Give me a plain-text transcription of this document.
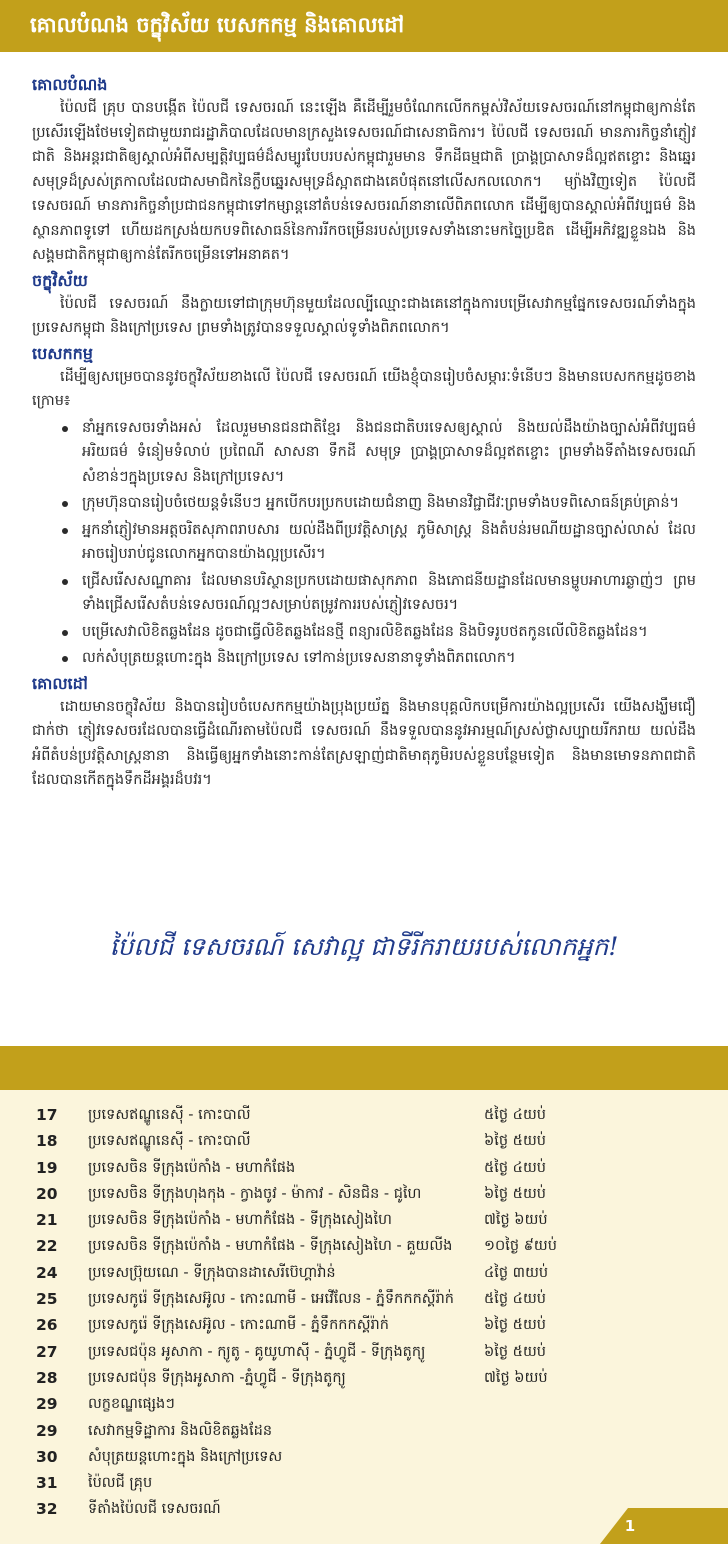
គោលបំណង ចក្ខុវិស័យ បេសកកម្ម និងគោលដៅ
គោលបំណង

ប៉ៃលជី គ្រុប បានបង្កើត ប៉ៃលជី ទេសចរណ៍ នេះឡើង គឺដើម្បីរួមចំណែកលើកកម្ពស់វិស័យទេសចរណ៍នៅកម្ពុជាឲ្យកាន់តែប្រសើរឡើងថែមទៀតជាមួយរាជរដ្ឋាភិបាលដែលមានក្រសួងទេសចរណ៍ជាសេនាធិការ។ ប៉ៃលជី ទេសចរណ៍ មានភារកិច្ចនាំភ្ញៀវជាតិ និងអន្តរជាតិឲ្យស្គាល់អំពីសម្បត្តិវប្បធម៌ដ៏សម្បូរបែបរបស់កម្ពុជារួមមាន ទឹកដីធម្មជាតិ ប្រាង្គប្រាសាទដ៏ល្អឥតខ្ចោះ និងឆ្នេរសមុទ្រដ៏ស្រស់ត្រកាលដែលជាសមាជិកនៃក្លឹបឆ្នេរសមុទ្រដ៏ស្អាតជាងគេបំផុតនៅលើសកលលោក។ ម្យ៉ាងវិញទៀត ប៉ៃលជី ទេសចរណ៍ មានភារកិច្ចនាំប្រជាជនកម្ពុជាទៅកម្សាន្តនៅតំបន់ទេសចរណ៍នានាលើពិភពលោក ដើម្បីឲ្យបានស្គាល់អំពីវប្បធម៌ និងស្ថានភាពទូទៅ ហើយដកស្រង់យកបទពិសោធន៍នៃការរីកចម្រើនរបស់ប្រទេសទាំងនោះមកច្នៃប្រឌិត ដើម្បីអភិវឌ្ឍខ្លួនឯង និងសង្គមជាតិកម្ពុជាឲ្យកាន់តែរីកចម្រើនទៅអនាគត។

ចក្ខុវិស័យ

ប៉ៃលជី ទេសចរណ៍ នឹងក្លាយទៅជាក្រុមហ៊ុនមួយដែលល្បីឈ្មោះជាងគេនៅក្នុងការបម្រើសេវាកម្មផ្នែកទេសចរណ៍ទាំងក្នុងប្រទេសកម្ពុជា និងក្រៅប្រទេស ព្រមទាំងត្រូវបានទទួលស្គាល់ទូទាំងពិភពលោក។

បេសកកម្ម

ដើម្បីឲ្យសម្រេចបាននូវចក្ខុវិស័យខាងលើ ប៉ៃលជី ទេសចរណ៍ យើងខ្ញុំបានរៀបចំសម្ភារៈទំនើបៗ និងមានបេសកកម្មដូចខាងក្រោម៖

នាំអ្នកទេសចរទាំងអស់ ដែលរួមមានជនជាតិខ្មែរ និងជនជាតិបរទេសឲ្យស្គាល់ និងយល់ដឹងយ៉ាងច្បាស់អំពីវប្បធម៌ អរិយធម៌ ទំនៀមទំលាប់ ប្រពៃណី សាសនា ទឹកដី សមុទ្រ ប្រាង្គប្រាសាទដ៏ល្អឥតខ្ចោះ ព្រមទាំងទីតាំងទេសចរណ៍សំខាន់ៗក្នុងប្រទេស និងក្រៅប្រទេស។
ក្រុមហ៊ុនបានរៀបចំថេយន្តទំនើបៗ អ្នកបើកបរប្រកបដោយជំនាញ និងមានវិជ្ជាជីវៈព្រមទាំងបទពិសោធន៍គ្រប់គ្រាន់។
អ្នកនាំភ្ញៀវមានអត្តចរិតសុភាពរាបសារ យល់ដឹងពីប្រវត្តិសាស្ត្រ ភូមិសាស្ត្រ និងតំបន់រមណីយដ្ឋានច្បាស់លាស់ ដែលអាចរៀបរាប់ជូនលោកអ្នកបានយ៉ាងល្អប្រសើរ។
ជ្រើសរើសសណ្ឋាគារ ដែលមានបរិស្ថានប្រកបដោយផាសុកភាព និងភោជនីយដ្ឋានដែលមានម្ហូបអាហារឆ្ងាញ់ៗ ព្រមទាំងជ្រើសរើសតំបន់ទេសចរណ៍ល្អៗសម្រាប់តម្រូវការរបស់ភ្ញៀវទេសចរ។
បម្រើសេវាលិខិតឆ្លងដែន ដូចជាធ្វើលិខិតឆ្លងដែនថ្មី ពន្យារលិខិតឆ្លងដែន និងបិទរូបថតកូនលើលិខិតឆ្លងដែន។
លក់សំបុត្រយន្តហោះក្នុង និងក្រៅប្រទេស ទៅកាន់ប្រទេសនានាទូទាំងពិភពលោក។
គោលដៅ

ដោយមានចក្ខុវិស័យ និងបានរៀបចំបេសកកម្មយ៉ាងប្រុងប្រយ័ត្ន និងមានបុគ្គលិកបម្រើការយ៉ាងល្អប្រសើរ យើងសង្ឃឹមជឿជាក់ថា ភ្ញៀវទេសចរដែលបានធ្វើដំណើរតាមប៉ៃលជី ទេសចរណ៍ នឹងទទួលបាននូវអារម្មណ៍ស្រស់ថ្លាសប្បាយរីករាយ យល់ដឹងអំពីតំបន់ប្រវត្តិសាស្ត្រនានា និងធ្វើឲ្យអ្នកទាំងនោះកាន់តែស្រឡាញ់ជាតិមាតុភូមិរបស់ខ្លួនបន្ថែមទៀត និងមានមោទនភាពជាតិដែលបានកើតក្នុងទឹកដីអង្គរដ៏បវរ។

ប៉ៃលជី ទេសចរណ៍ សេវាល្អ ជាទីរីករាយរបស់លោកអ្នក!
17	ប្រទេសឥណ្ឌូនេស៊ី - កោះបាលី	៥ថ្ងៃ ៤យប់
18	ប្រទេសឥណ្ឌូនេស៊ី - កោះបាលី	៦ថ្ងៃ ៥យប់
19	ប្រទេសចិន ទីក្រុងប៉េកាំង - មហាកំផែង	៥ថ្ងៃ ៤យប់
20	ប្រទេសចិន ទីក្រុងហុងកុង - ក្វាងចូវ - ម៉ាកាវ - សិនជិន - ជូហៃ	៦ថ្ងៃ ៥យប់
21	ប្រទេសចិន ទីក្រុងប៉េកាំង - មហាកំផែង - ទីក្រុងសៀងហៃ	៧ថ្ងៃ ៦យប់
22	ប្រទេសចិន ទីក្រុងប៉េកាំង - មហាកំផែង - ទីក្រុងសៀងហៃ - គួយលីង ១០ថ្ងៃ ៩យប់
24	ប្រទេសប៊្រុយណេ - ទីក្រុងបានដាសេរីប៊េហ្គាវ៉ាន់	៤ថ្ងៃ ៣យប់
25	ប្រទេសកូរ៉េ ទីក្រុងសេអ៊ូល - កោះណាមី - អេវើលែន - ភ្នំទឹកកកស្គីរ៉ាក់ ៥ថ្ងៃ ៤យប់
26	ប្រទេសកូរ៉េ ទីក្រុងសេអ៊ូល - កោះណាមី - ភ្នំទឹកកកស្គីរ៉ាក់	៦ថ្ងៃ ៥យប់
27	ប្រទេសជប៉ុន អូសាកា - ក្យូតូ - គូយូហាស៊ី - ភ្នំហ្វូជី - ទីក្រុងតូក្យូ	៦ថ្ងៃ ៥យប់
28	ប្រទេសជប៉ុន ទីក្រុងអូសាកា -ភ្នំហ្វូជី - ទីក្រុងតូក្យូ	៧ថ្ងៃ ៦យប់
29	លក្ខខណ្ឌផ្សេងៗ
29	សេវាកម្មទិដ្ឋាការ និងលិខិតឆ្លងដែន
30	សំបុត្រយន្តហោះក្នុង និងក្រៅប្រទេស
31	ប៉ៃលជី គ្រុប
32	ទីតាំងប៉ៃលជី ទេសចរណ៍
1
